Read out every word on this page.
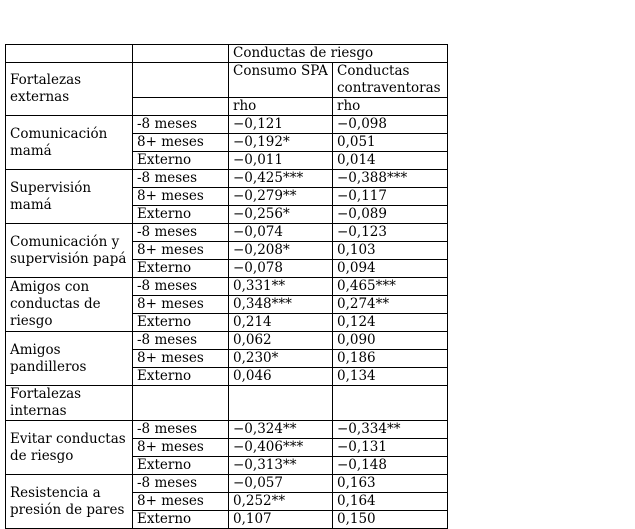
		Conductas de riesgo	
Fortalezas externas		Consumo SPA	Conductas contraventoras
		rho	rho
Comunicación mamá	-8 meses	−0,121	−0,098
	8+ meses	−0,192*	0,051
	Externo	−0,011	0,014
Supervisión mamá	-8 meses	−0,425***	−0,388***
	8+ meses	−0,279**	−0,117
	Externo	−0,256*	−0,089
Comunicación y supervisión papá	-8 meses	−0,074	−0,123
	8+ meses	−0,208*	0,103
	Externo	−0,078	0,094
Amigos con conductas de riesgo	-8 meses	0,331**	0,465***
	8+ meses	0,348***	0,274**
	Externo	0,214	0,124
Amigos pandilleros	-8 meses	0,062	0,090
	8+ meses	0,230*	0,186
	Externo	0,046	0,134
Fortalezas internas			
Evitar conductas de riesgo	-8 meses	−0,324**	−0,334**
	8+ meses	−0,406***	−0,131
	Externo	−0,313**	−0,148
Resistencia a presión de pares	-8 meses	−0,057	0,163
	8+ meses	0,252**	0,164
	Externo	0,107	0,150
